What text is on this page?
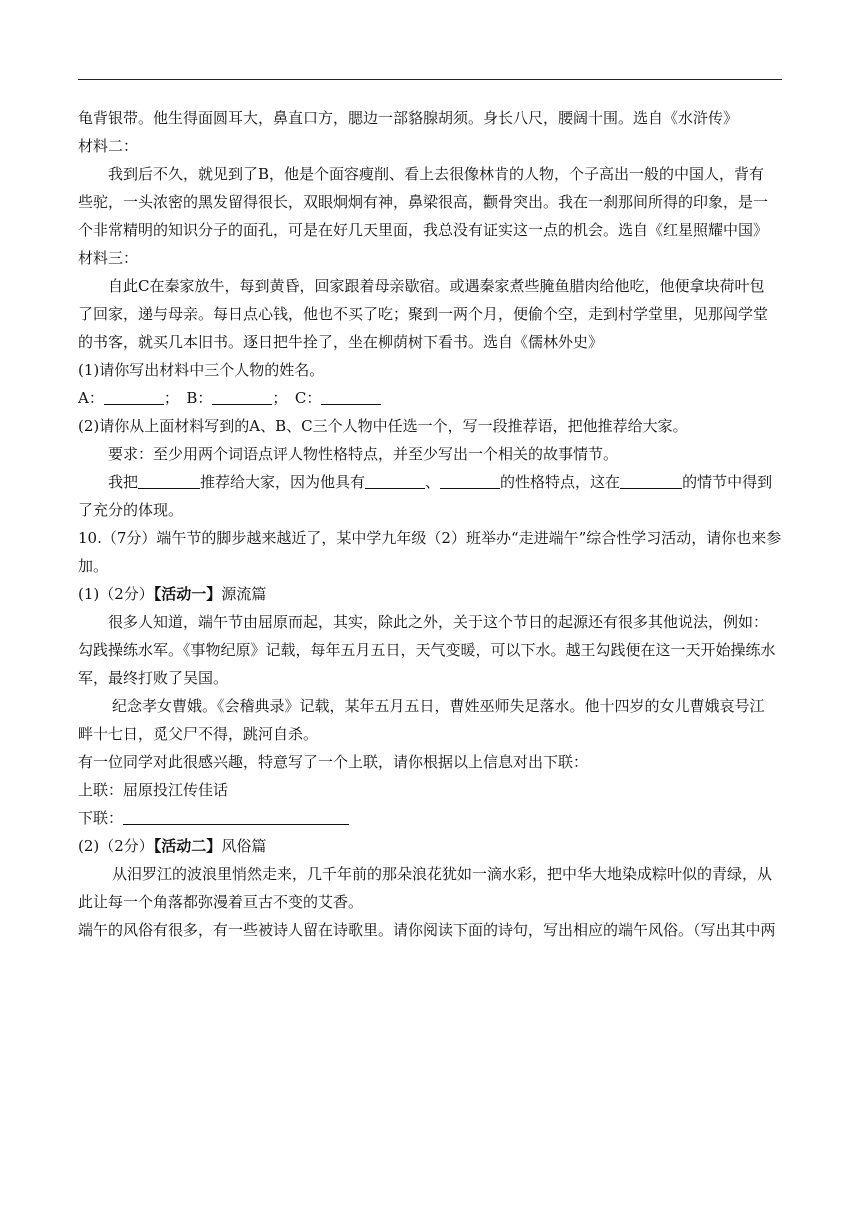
龟背银带。他生得面圆耳大，鼻直口方，腮边一部貉腺胡须。身长八尺，腰阔十围。选自《水浒传》
材料二：
我到后不久，就见到了B，他是个面容瘦削、看上去很像林肯的人物，个子高出一般的中国人，背有
些驼，一头浓密的黑发留得很长，双眼炯炯有神，鼻梁很高，颧骨突出。我在一刹那间所得的印象，是一
个非常精明的知识分子的面孔，可是在好几天里面，我总没有证实这一点的机会。选自《红星照耀中国》
材料三：
自此C在秦家放牛，每到黄昏，回家跟着母亲歇宿。或遇秦家煮些腌鱼腊肉给他吃，他便拿块荷叶包
了回家，递与母亲。每日点心钱，他也不买了吃；聚到一两个月，便偷个空，走到村学堂里，见那闯学堂
的书客，就买几本旧书。逐日把牛拴了，坐在柳荫树下看书。选自《儒林外史》
(1)请你写出材料中三个人物的姓名。
A：	；　B：	；　C：
(2)请你从上面材料写到的A、B、C三个人物中任选一个，写一段推荐语，把他推荐给大家。
要求：至少用两个词语点评人物性格特点，并至少写出一个相关的故事情节。
我把	推荐给大家，因为他具有	、	的性格特点，这在	的情节中得到
了充分的体现。
10.（7分）端午节的脚步越来越近了，某中学九年级（2）班举办“走进端午”综合性学习活动，请你也来参
加。
(1)（2分）【活动一】源流篇
很多人知道，端午节由屈原而起，其实，除此之外，关于这个节日的起源还有很多其他说法，例如：
勾践操练水军。《事物纪原》记载，每年五月五日，天气变暖，可以下水。越王勾践便在这一天开始操练水
军，最终打败了吴国。
纪念孝女曹娥。《会稽典录》记载，某年五月五日，曹姓巫师失足落水。他十四岁的女儿曹娥哀号江
畔十七日，觅父尸不得，跳河自杀。
有一位同学对此很感兴趣，特意写了一个上联，请你根据以上信息对出下联：
上联：屈原投江传佳话
下联：
(2)（2分）【活动二】风俗篇
从汨罗江的波浪里悄然走来，几千年前的那朵浪花犹如一滴水彩，把中华大地染成粽叶似的青绿，从
此让每一个角落都弥漫着亘古不变的艾香。
端午的风俗有很多，有一些被诗人留在诗歌里。请你阅读下面的诗句，写出相应的端午风俗。（写出其中两
